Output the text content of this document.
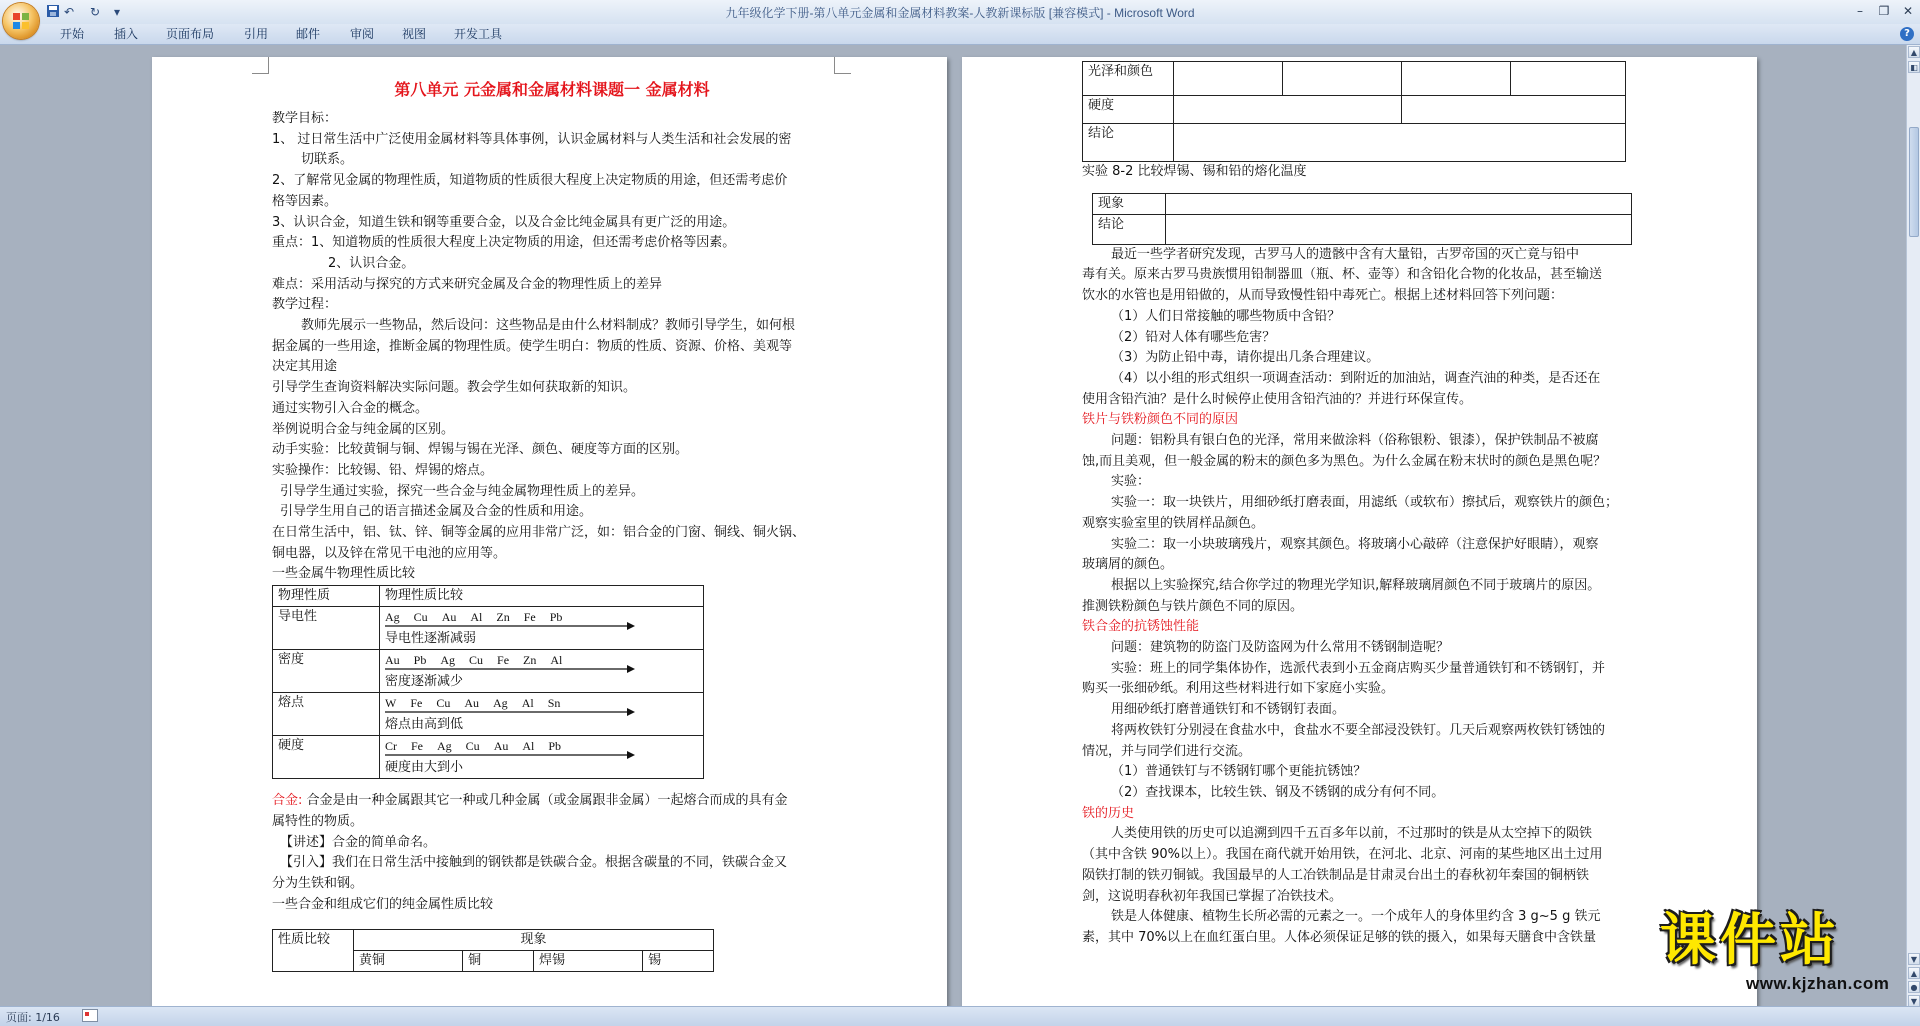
↶ ↻ ▾	九年级化学下册-第八单元金属和金属材料教案-人教新课标版 [兼容模式] - Microsoft Word	–	❐	✕
开始	插入	页面布局	引用	邮件	审阅	视图	开发工具	?
第八单元 元金属和金属材料课题一 金属材料
教学目标：
1、 过日常生活中广泛使用金属材料等具体事例，认识金属材料与人类生活和社会发展的密
切联系。
2、了解常见金属的物理性质，知道物质的性质很大程度上决定物质的用途，但还需考虑价
格等因素。
3、认识合金，知道生铁和钢等重要合金，以及合金比纯金属具有更广泛的用途。
重点：1、知道物质的性质很大程度上决定物质的用途，但还需考虑价格等因素。
2、认识合金。
难点：采用活动与探究的方式来研究金属及合金的物理性质上的差异
教学过程：
教师先展示一些物品，然后设问：这些物品是由什么材料制成？教师引导学生，如何根
据金属的一些用途，推断金属的物理性质。使学生明白：物质的性质、资源、价格、美观等
决定其用途
引导学生查询资料解决实际问题。教会学生如何获取新的知识。
通过实物引入合金的概念。
举例说明合金与纯金属的区别。
动手实验：比较黄铜与铜、焊锡与锡在光泽、颜色、硬度等方面的区别。
实验操作：比较锡、铅、焊锡的熔点。
引导学生通过实验，探究一些合金与纯金属物理性质上的差异。
引导学生用自己的语言描述金属及合金的性质和用途。
在日常生活中，铝、钛、锌、铜等金属的应用非常广泛，如：铝合金的门窗、铜线、铜火锅、
铜电器，以及锌在常见干电池的应用等。
一些金属牛物理性质比较
物理性质	物理性质比较
导电性	Ag Cu Au Al Zn Fe Pb
导电性逐渐减弱

密度	Au Pb Ag Cu Fe Zn Al
密度逐渐减少

熔点	W Fe Cu Au Ag Al Sn
熔点由高到低

硬度	Cr Fe Ag Cu Au Al Pb
硬度由大到小
合金: 合金是由一种金属跟其它一种或几种金属（或金属跟非金属）一起熔合而成的具有金
属特性的物质。
【讲述】合金的简单命名。
【引入】我们在日常生活中接触到的钢铁都是铁碳合金。根据含碳量的不同，铁碳合金又
分为生铁和钢。
一些合金和组成它们的纯金属性质比较
性质比较	现象			
	黄铜	铜	焊锡	锡
光泽和颜色				
硬度				
结论				
实验 8-2 比较焊锡、锡和铅的熔化温度
现象	
结论	
最近一些学者研究发现，古罗马人的遗骸中含有大量铅，古罗帝国的灭亡竟与铅中
毒有关。原来古罗马贵族惯用铅制器皿（瓶、杯、壶等）和含铅化合物的化妆品，甚至输送
饮水的水管也是用铅做的，从而导致慢性铅中毒死亡。根据上述材料回答下列问题：
（1）人们日常接触的哪些物质中含铅？
（2）铅对人体有哪些危害？
（3）为防止铅中毒，请你提出几条合理建议。
（4）以小组的形式组织一项调查活动：到附近的加油站，调查汽油的种类，是否还在
使用含铅汽油？是什么时候停止使用含铅汽油的？并进行环保宣传。
铁片与铁粉颜色不同的原因
问题：铝粉具有银白色的光泽，常用来做涂料（俗称银粉、银漆），保护铁制品不被腐
蚀,而且美观，但一般金属的粉末的颜色多为黑色。为什么金属在粉末状时的颜色是黑色呢？
实验：
实验一：取一块铁片，用细砂纸打磨表面，用滤纸（或软布）擦拭后，观察铁片的颜色；
观察实验室里的铁屑样品颜色。
实验二：取一小块玻璃残片，观察其颜色。将玻璃小心敲碎（注意保护好眼睛），观察
玻璃屑的颜色。
根据以上实验探究,结合你学过的物理光学知识,解释玻璃屑颜色不同于玻璃片的原因。
推测铁粉颜色与铁片颜色不同的原因。
铁合金的抗锈蚀性能
问题：建筑物的防盗门及防盗网为什么常用不锈钢制造呢？
实验：班上的同学集体协作，选派代表到小五金商店购买少量普通铁钉和不锈钢钉，并
购买一张细砂纸。利用这些材料进行如下家庭小实验。
用细砂纸打磨普通铁钉和不锈钢钉表面。
将两枚铁钉分别浸在食盐水中，食盐水不要全部浸没铁钉。几天后观察两枚铁钉锈蚀的
情况，并与同学们进行交流。
（1）普通铁钉与不锈钢钉哪个更能抗锈蚀？
（2）查找课本，比较生铁、钢及不锈钢的成分有何不同。
铁的历史
人类使用铁的历史可以追溯到四千五百多年以前，不过那时的铁是从太空掉下的陨铁
（其中含铁 90%以上）。我国在商代就开始用铁，在河北、北京、河南的某些地区出土过用
陨铁打制的铁刃铜钺。我国最早的人工冶铁制品是甘肃灵台出土的春秋初年秦国的铜柄铁
剑，这说明春秋初年我国已掌握了冶铁技术。
铁是人体健康、植物生长所必需的元素之一。一个成年人的身体里约含 3 g~5 g 铁元
素，其中 70%以上在血红蛋白里。人体必须保证足够的铁的摄入，如果每天膳食中含铁量
▲
◧
▼
▲
●
▼
页面: 1/16
课件站
www.kjzhan.com
